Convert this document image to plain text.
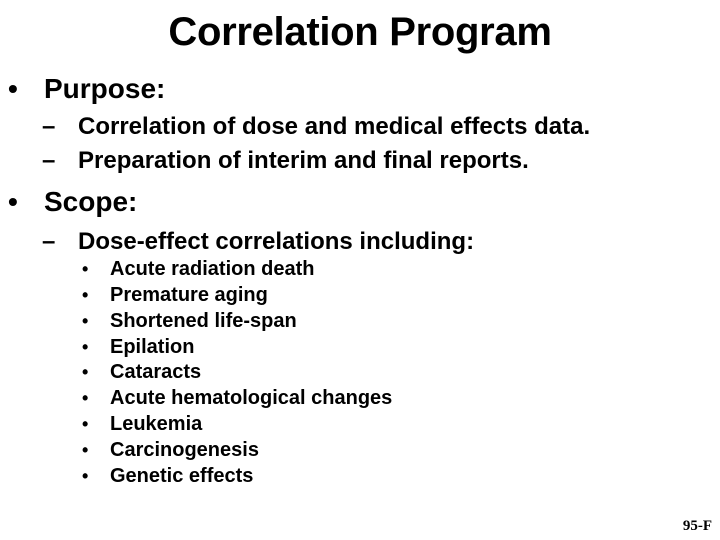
Correlation Program
• Purpose:
– Correlation of dose and medical effects data.
– Preparation of interim and final reports.
• Scope:
– Dose-effect correlations including:
• Acute radiation death
• Premature aging
• Shortened life-span
• Epilation
• Cataracts
• Acute hematological changes
• Leukemia
• Carcinogenesis
• Genetic effects
95-F
